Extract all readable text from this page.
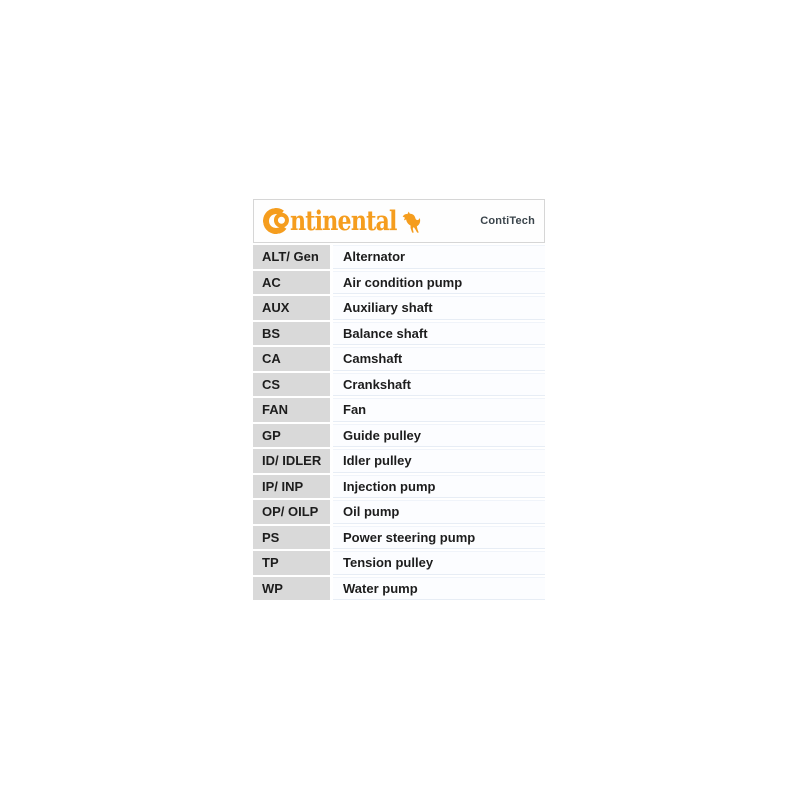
ntinental	ContiTech
ALT/ Gen	Alternator
AC	Air condition pump
AUX	Auxiliary shaft
BS	Balance shaft
CA	Camshaft
CS	Crankshaft
FAN	Fan
GP	Guide pulley
ID/ IDLER	Idler pulley
IP/ INP	Injection pump
OP/ OILP	Oil pump
PS	Power steering pump
TP	Tension pulley
WP	Water pump
